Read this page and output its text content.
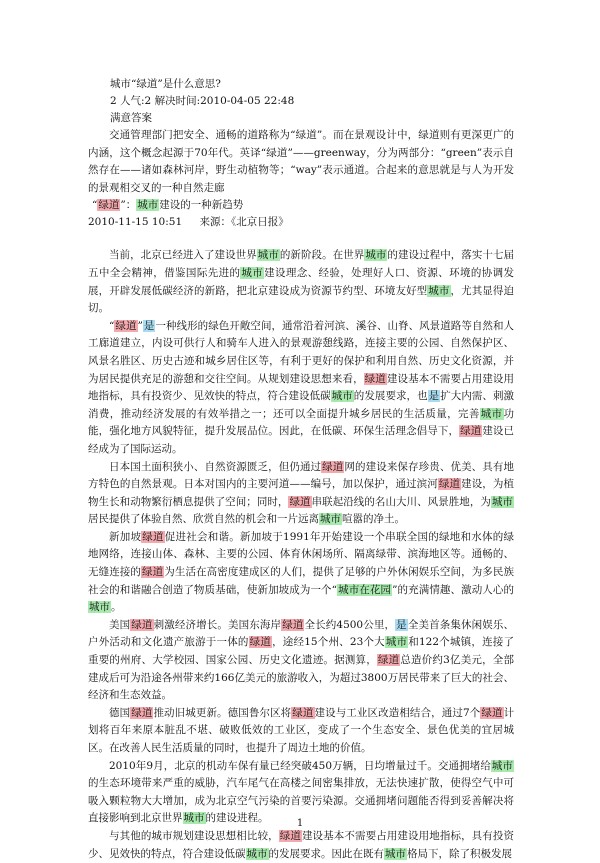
城市“绿道”是什么意思?
2 人气:2 解决时间:2010-04-05 22:48
满意答案

交通管理部门把安全、通畅的道路称为“绿道”。而在景观设计中，绿道则有更深更广的内涵，这个概念起源于70年代。英译“绿道”——greenway，分为两部分：“green”表示自然存在——诸如森林河岸，野生动植物等；“way”表示通道。合起来的意思就是与人为开发的景观相交叉的一种自然走廊

“绿道”：城市建设的一种新趋势
2010-11-15 10:51 来源：《北京日报》

当前，北京已经进入了建设世界城市的新阶段。在世界城市的建设过程中，落实十七届五中全会精神，借鉴国际先进的城市建设理念、经验，处理好人口、资源、环境的协调发展，开辟发展低碳经济的新路，把北京建设成为资源节约型、环境友好型城市，尤其显得迫切。

“绿道”是一种线形的绿色开敞空间，通常沿着河滨、溪谷、山脊、风景道路等自然和人工廊道建立，内设可供行人和骑车人进入的景观游憩线路，连接主要的公园、自然保护区、风景名胜区、历史古迹和城乡居住区等，有利于更好的保护和利用自然、历史文化资源，并为居民提供充足的游憩和交往空间。从规划建设思想来看，绿道建设基本不需要占用建设用地指标，具有投资少、见效快的特点，符合建设低碳城市的发展要求，也是扩大内需、刺激消费，推动经济发展的有效举措之一；还可以全面提升城乡居民的生活质量，完善城市功能，强化地方风貌特征，提升发展品位。因此，在低碳、环保生活理念倡导下，绿道建设已经成为了国际运动。

日本国土面积狭小、自然资源匮乏，但仍通过绿道网的建设来保存珍贵、优美、具有地方特色的自然景观。日本对国内的主要河道——编号，加以保护，通过滨河绿道建设，为植物生长和动物繁衍栖息提供了空间；同时，绿道串联起沿线的名山大川、风景胜地，为城市居民提供了体验自然、欣赏自然的机会和一片远离城市喧嚣的净土。

新加坡绿道促进社会和谐。新加坡于1991年开始建设一个串联全国的绿地和水体的绿地网络，连接山体、森林、主要的公园、体育休闲场所、隔离绿带、滨海地区等。通畅的、无缝连接的绿道为生活在高密度建成区的人们，提供了足够的户外休闲娱乐空间，为多民族社会的和谐融合创造了物质基础，使新加坡成为一个“城市在花园”的充满情趣、激动人心的城市。

美国绿道刺激经济增长。美国东海岸绿道全长约4500公里，是全美首条集休闲娱乐、户外活动和文化遗产旅游于一体的绿道，途经15个州、23个大城市和122个城镇，连接了重要的州府、大学校园、国家公园、历史文化遗迹。据测算，绿道总造价约3亿美元，全部建成后可为沿途各州带来约166亿美元的旅游收入，为超过3800万居民带来了巨大的社会、经济和生态效益。

德国绿道推动旧城更新。德国鲁尔区将绿道建设与工业区改造相结合，通过7个绿道计划将百年来原本脏乱不堪、破败低效的工业区，变成了一个生态安全、景色优美的宜居城区。在改善人民生活质量的同时，也提升了周边土地的价值。

2010年9月，北京的机动车保有量已经突破450万辆，日均增量过千。交通拥堵给城市的生态环境带来严重的威胁，汽车尾气在高楼之间密集排放，无法快速扩散，使得空气中可吸入颗粒物大大增加，成为北京空气污染的首要污染源。交通拥堵问题能否得到妥善解决将直接影响到北京世界城市的建设进程。

与其他的城市规划建设思想相比较，绿道建设基本不需要占用建设用地指标，具有投资少、见效快的特点，符合建设低碳城市的发展要求。因此在既有城市格局下，除了积极发展

1
